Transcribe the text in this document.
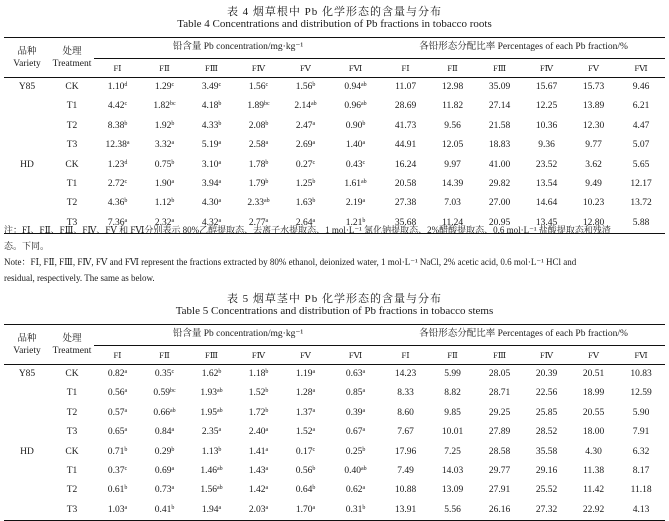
表 4 烟草根中 Pb 化学形态的含量与分布
Table 4 Concentrations and distribution of Pb fractions in tobacco roots
品种
Variety	处理
Treatment	铅含量 Pb concentration/mg·kg⁻¹						各铅形态分配比率 Percentages of each Pb fraction/%					
		FⅠ	FⅡ	FⅢ	FⅣ	FⅤ	FⅥ	FⅠ	FⅡ	FⅢ	FⅣ	FⅤ	FⅥ
Y85	CK	1.10$^d$	1.29$^c$	3.49$^c$	1.56$^c$	1.56$^b$	0.94$^{ab}$	11.07	12.98	35.09	15.67	15.73	9.46
	T1	4.42$^c$	1.82$^{bc}$	4.18$^b$	1.89$^{bc}$	2.14$^{ab}$	0.96$^{ab}$	28.69	11.82	27.14	12.25	13.89	6.21
	T2	8.38$^b$	1.92$^b$	4.33$^b$	2.08$^b$	2.47$^a$	0.90$^b$	41.73	9.56	21.58	10.36	12.30	4.47
	T3	12.38$^a$	3.32$^a$	5.19$^a$	2.58$^a$	2.69$^a$	1.40$^a$	44.91	12.05	18.83	9.36	9.77	5.07
HD	CK	1.23$^d$	0.75$^b$	3.10$^a$	1.78$^b$	0.27$^c$	0.43$^c$	16.24	9.97	41.00	23.52	3.62	5.65
	T1	2.72$^c$	1.90$^a$	3.94$^a$	1.79$^b$	1.25$^b$	1.61$^{ab}$	20.58	14.39	29.82	13.54	9.49	12.17
	T2	4.36$^b$	1.12$^b$	4.30$^a$	2.33$^{ab}$	1.63$^b$	2.19$^a$	27.38	7.03	27.00	14.64	10.23	13.72
	T3	7.36$^a$	2.32$^a$	4.32$^a$	2.77$^a$	2.64$^a$	1.21$^b$	35.68	11.24	20.95	13.45	12.80	5.88

注：FⅠ、FⅡ、FⅢ、FⅣ、FⅤ 和 FⅥ分别表示 80%乙醇提取态、去离子水提取态、1 mol·L⁻¹ 氯化钠提取态、2%醋酸提取态、0.6 mol·L⁻¹ 盐酸提取态和残渣

态。下同。

Note：FⅠ, FⅡ, FⅢ, FⅣ, FⅤ and FⅥ represent the fractions extracted by 80% ethanol, deionized water, 1 mol·L⁻¹ NaCl, 2% acetic acid, 0.6 mol·L⁻¹ HCl and

residual, respectively. The same as below.

表 5 烟草茎中 Pb 化学形态的含量与分布
Table 5 Concentrations and distribution of Pb fractions in tobacco stems
品种
Variety	处理
Treatment	铅含量 Pb concentration/mg·kg⁻¹						各铅形态分配比率 Percentages of each Pb fraction/%					
		FⅠ	FⅡ	FⅢ	FⅣ	FⅤ	FⅥ	FⅠ	FⅡ	FⅢ	FⅣ	FⅤ	FⅥ
Y85	CK	0.82$^a$	0.35$^c$	1.62$^b$	1.18$^b$	1.19$^a$	0.63$^a$	14.23	5.99	28.05	20.39	20.51	10.83
	T1	0.56$^a$	0.59$^{bc}$	1.93$^{ab}$	1.52$^b$	1.28$^a$	0.85$^a$	8.33	8.82	28.71	22.56	18.99	12.59
	T2	0.57$^a$	0.66$^{ab}$	1.95$^{ab}$	1.72$^b$	1.37$^a$	0.39$^a$	8.60	9.85	29.25	25.85	20.55	5.90
	T3	0.65$^a$	0.84$^a$	2.35$^a$	2.40$^a$	1.52$^a$	0.67$^a$	7.67	10.01	27.89	28.52	18.00	7.91
HD	CK	0.71$^b$	0.29$^b$	1.13$^b$	1.41$^a$	0.17$^c$	0.25$^b$	17.96	7.25	28.58	35.58	4.30	6.32
	T1	0.37$^c$	0.69$^a$	1.46$^{ab}$	1.43$^a$	0.56$^b$	0.40$^{ab}$	7.49	14.03	29.77	29.16	11.38	8.17
	T2	0.61$^b$	0.73$^a$	1.56$^{ab}$	1.42$^a$	0.64$^b$	0.62$^a$	10.88	13.09	27.91	25.52	11.42	11.18
	T3	1.03$^a$	0.41$^b$	1.94$^a$	2.03$^a$	1.70$^a$	0.31$^b$	13.91	5.56	26.16	27.32	22.92	4.13
